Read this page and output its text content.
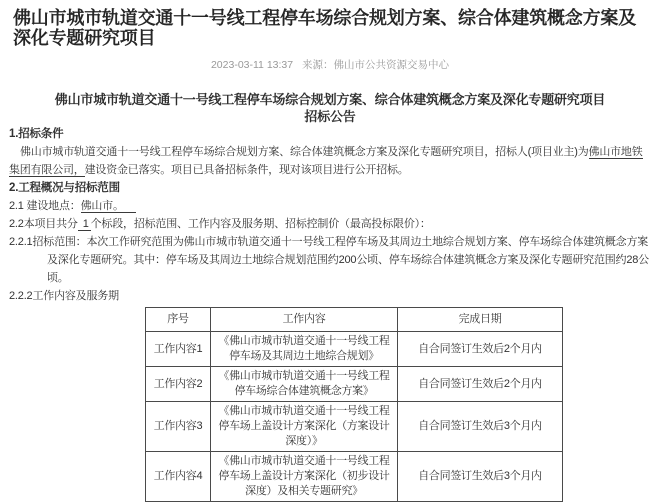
佛山市城市轨道交通十一号线工程停车场综合规划方案、综合体建筑概念方案及深化专题研究项目
2023-03-11 13:37 来源：佛山市公共资源交易中心
佛山市城市轨道交通十一号线工程停车场综合规划方案、综合体建筑概念方案及深化专题研究项目
招标公告
1.招标条件
佛山市城市轨道交通十一号线工程停车场综合规划方案、综合体建筑概念方案及深化专题研究项目，招标人(项目业主)为佛山市地铁集团有限公司，建设资金已落实。项目已具备招标条件，现对该项目进行公开招标。
2.工程概况与招标范围
2.1 建设地点：佛山市。
2.2本项目共分 1 个标段，招标范围、工作内容及服务期、招标控制价（最高投标限价）：
2.2.1招标范围：本次工作研究范围为佛山市城市轨道交通十一号线工程停车场及其周边土地综合规划方案、停车场综合体建筑概念方案及深化专题研究。其中：停车场及其周边土地综合规划范围约200公顷、停车场综合体建筑概念方案及深化专题研究范围约28公顷。
2.2.2工作内容及服务期
序号	工作内容	完成日期
工作内容1	《佛山市城市轨道交通十一号线工程停车场及其周边土地综合规划》	自合同签订生效后2个月内
工作内容2	《佛山市城市轨道交通十一号线工程停车场综合体建筑概念方案》	自合同签订生效后2个月内
工作内容3	《佛山市城市轨道交通十一号线工程停车场上盖设计方案深化（方案设计深度）》	自合同签订生效后3个月内
工作内容4	《佛山市城市轨道交通十一号线工程停车场上盖设计方案深化（初步设计深度）及相关专题研究》	自合同签订生效后3个月内
